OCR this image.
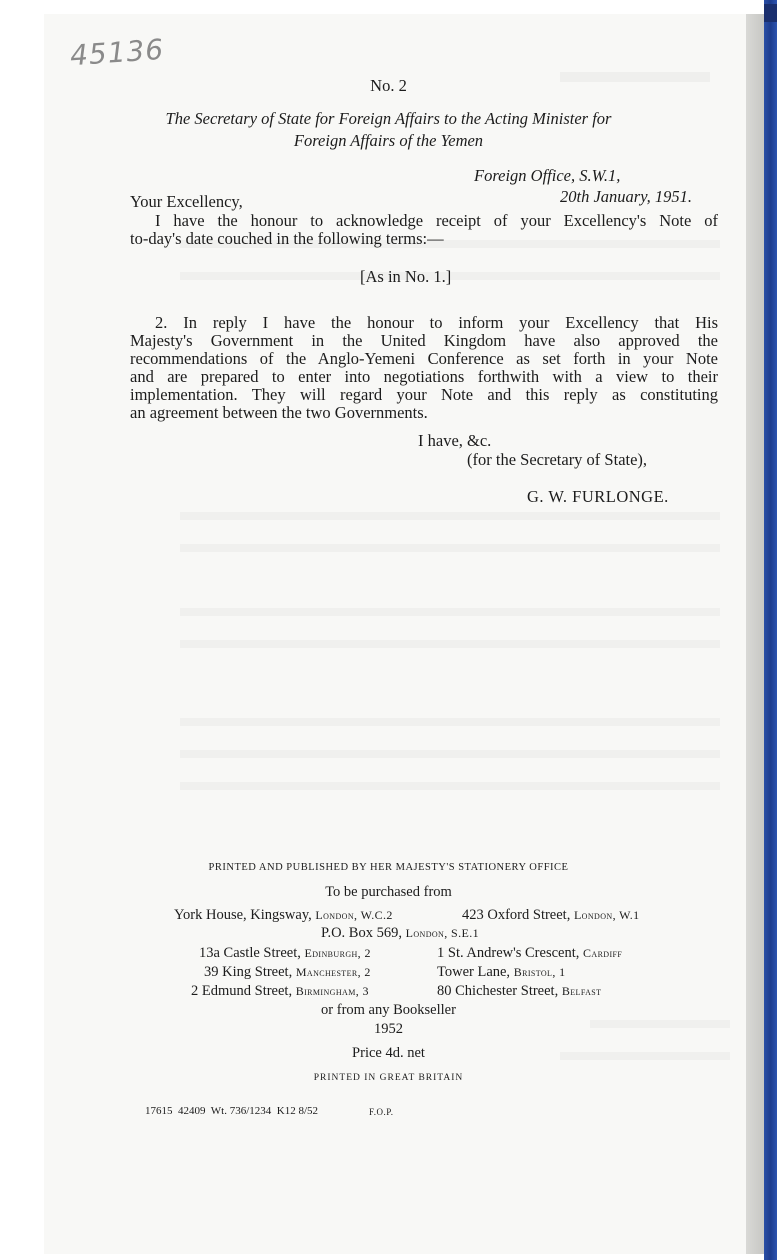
45136
No. 2
The Secretary of State for Foreign Affairs to the Acting Minister for
Foreign Affairs of the Yemen
Foreign Office, S.W.1,
20th January, 1951.
Your Excellency,
I have the honour to acknowledge receipt of your Excellency's Note of
to-day's date couched in the following terms:—
[As in No. 1.]
2. In reply I have the honour to inform your Excellency that His
Majesty's Government in the United Kingdom have also approved the
recommendations of the Anglo-Yemeni Conference as set forth in your Note
and are prepared to enter into negotiations forthwith with a view to their
implementation. They will regard your Note and this reply as constituting
an agreement between the two Governments.
I have, &c.
(for the Secretary of State),
G. W. FURLONGE.
PRINTED AND PUBLISHED BY HER MAJESTY'S STATIONERY OFFICE
To be purchased from
York House, Kingsway, London, W.C.2	423 Oxford Street, London, W.1
P.O. Box 569, London, S.E.1
13a Castle Street, Edinburgh, 2	1 St. Andrew's Crescent, Cardiff
39 King Street, Manchester, 2	Tower Lane, Bristol, 1
2 Edmund Street, Birmingham, 3	80 Chichester Street, Belfast
or from any Bookseller
1952
Price 4d. net
PRINTED IN GREAT BRITAIN
17615  42409  Wt. 736/1234  K12 8/52	F.O.P.
